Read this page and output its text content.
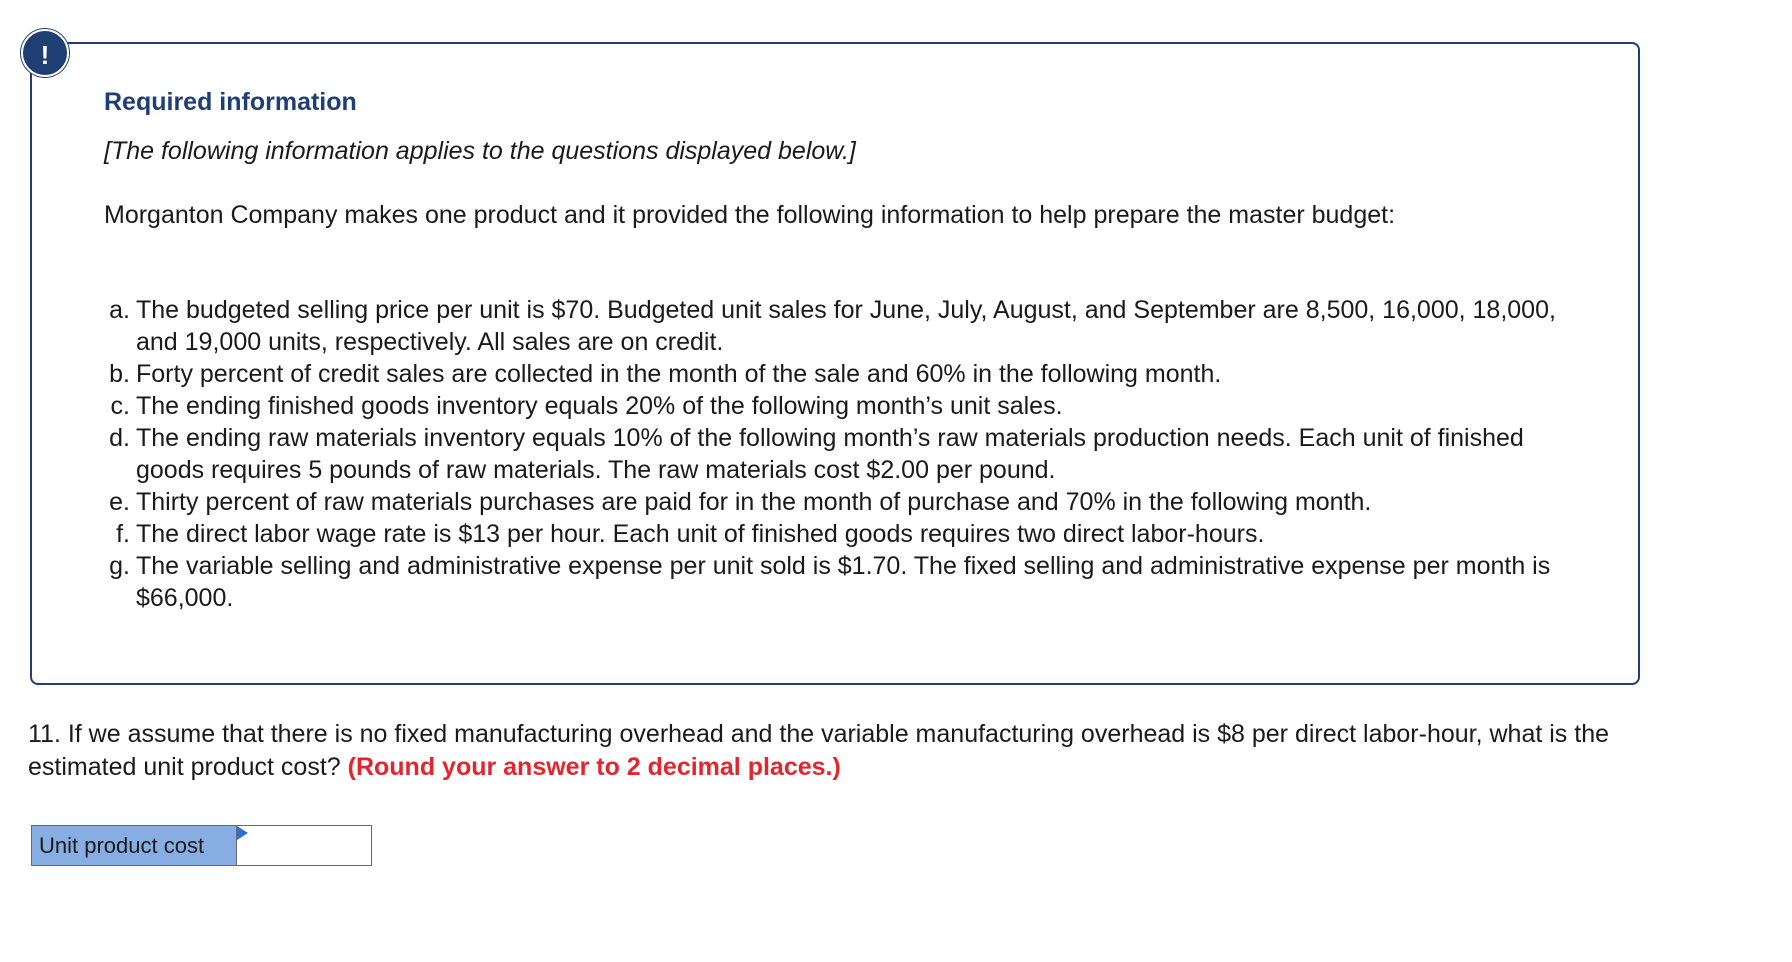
Required information

[The following information applies to the questions displayed below.]

Morganton Company makes one product and it provided the following information to help prepare the master budget:

a. The budgeted selling price per unit is $70. Budgeted unit sales for June, July, August, and September are 8,500, 16,000, 18,000, and 19,000 units, respectively. All sales are on credit.
b. Forty percent of credit sales are collected in the month of the sale and 60% in the following month.
c. The ending finished goods inventory equals 20% of the following month’s unit sales.
d. The ending raw materials inventory equals 10% of the following month’s raw materials production needs. Each unit of finished goods requires 5 pounds of raw materials. The raw materials cost $2.00 per pound.
e. Thirty percent of raw materials purchases are paid for in the month of purchase and 70% in the following month.
f. The direct labor wage rate is $13 per hour. Each unit of finished goods requires two direct labor-hours.
g. The variable selling and administrative expense per unit sold is $1.70. The fixed selling and administrative expense per month is $66,000.
!

11. If we assume that there is no fixed manufacturing overhead and the variable manufacturing overhead is $8 per direct labor-hour, what is the estimated unit product cost? (Round your answer to 2 decimal places.)

Unit product cost
